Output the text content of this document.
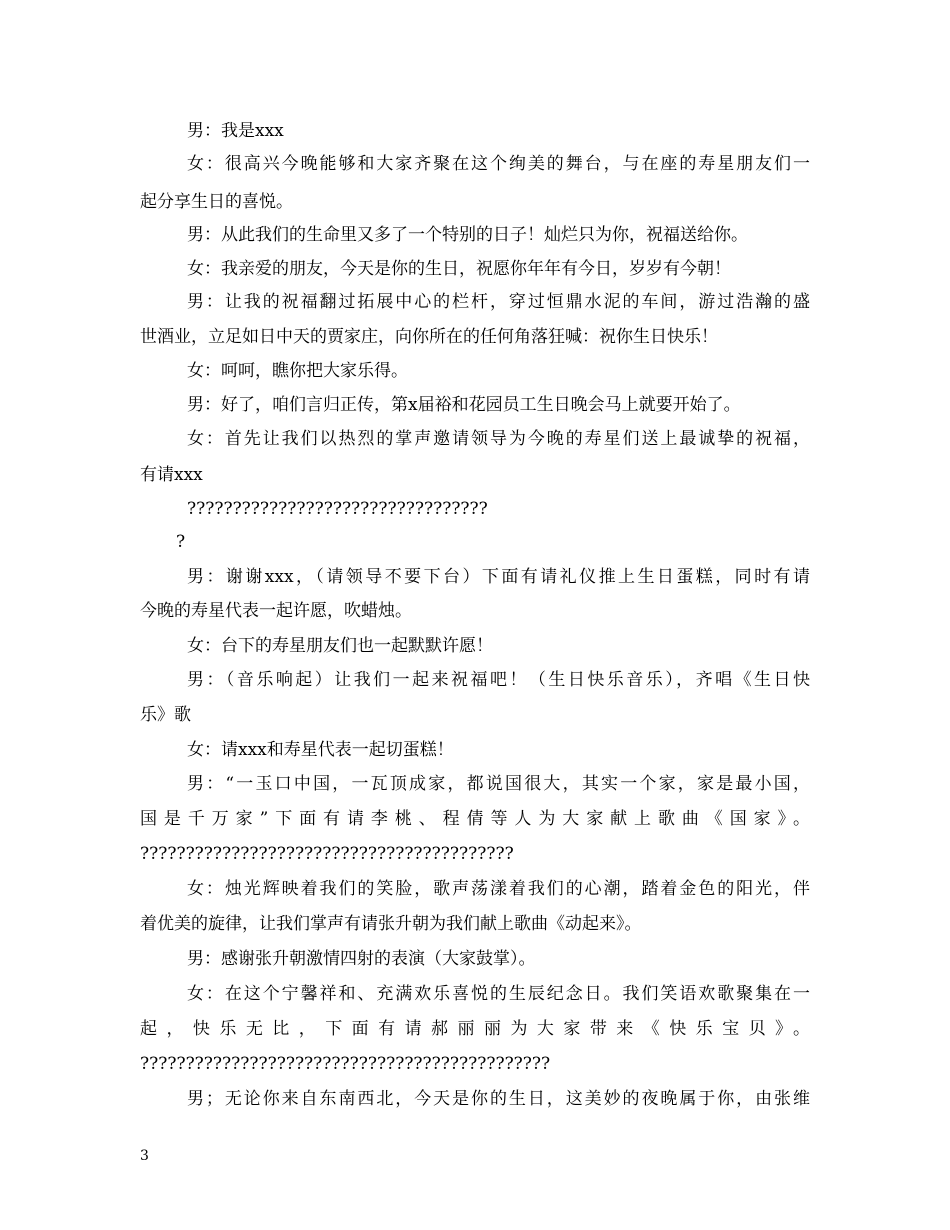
男：我是xxx
女：很高兴今晚能够和大家齐聚在这个绚美的舞台，与在座的寿星朋友们一
起分享生日的喜悦。
男：从此我们的生命里又多了一个特别的日子！灿烂只为你，祝福送给你。
女：我亲爱的朋友，今天是你的生日，祝愿你年年有今日，岁岁有今朝！
男：让我的祝福翻过拓展中心的栏杆，穿过恒鼎水泥的车间，游过浩瀚的盛
世酒业，立足如日中天的贾家庄，向你所在的任何角落狂喊：祝你生日快乐！
女：呵呵，瞧你把大家乐得。
男：好了，咱们言归正传，第x届裕和花园员工生日晚会马上就要开始了。
女：首先让我们以热烈的掌声邀请领导为今晚的寿星们送上最诚挚的祝福，
有请xxx
?????????????????????????????????
?
男：谢谢xxx，（请领导不要下台）下面有请礼仪推上生日蛋糕，同时有请
今晚的寿星代表一起许愿，吹蜡烛。
女：台下的寿星朋友们也一起默默许愿！
男：（音乐响起）让我们一起来祝福吧！（生日快乐音乐），齐唱《生日快
乐》歌
女：请xxx和寿星代表一起切蛋糕！
男：“一玉口中国，一瓦顶成家，都说国很大，其实一个家，家是最小国，
国是千万家”下面有请李桃、程倩等人为大家献上歌曲《国家》。
?????????????????????????????????????????
女：烛光辉映着我们的笑脸，歌声荡漾着我们的心潮，踏着金色的阳光，伴
着优美的旋律，让我们掌声有请张升朝为我们献上歌曲《动起来》。
男：感谢张升朝激情四射的表演（大家鼓掌）。
女：在这个宁馨祥和、充满欢乐喜悦的生辰纪念日。我们笑语欢歌聚集在一
起，快乐无比，下面有请郝丽丽为大家带来《快乐宝贝》。
?????????????????????????????????????????????
男；无论你来自东南西北，今天是你的生日，这美妙的夜晚属于你，由张维
3
